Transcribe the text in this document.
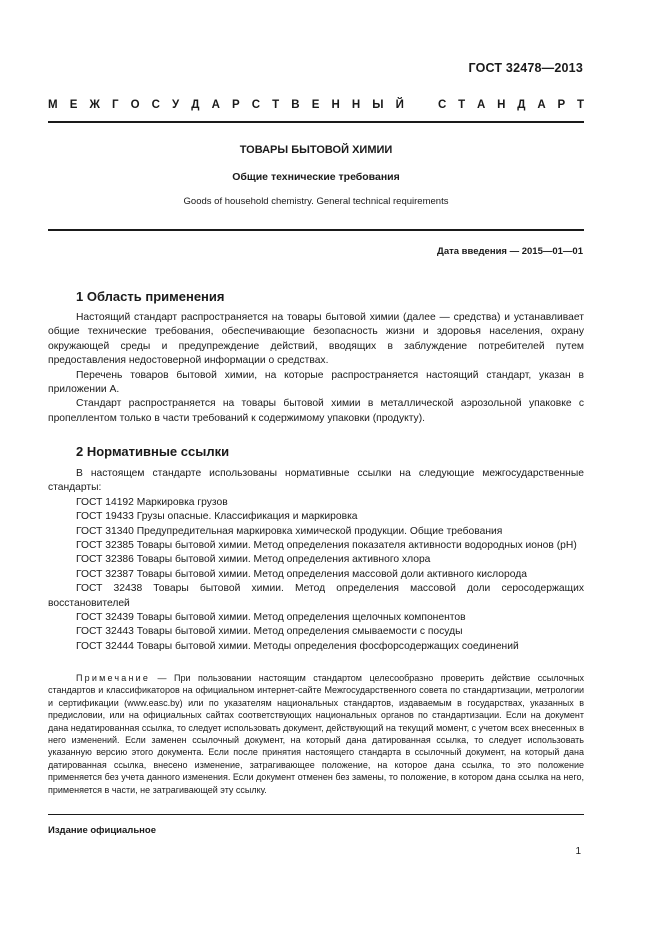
ГОСТ 32478—2013
М Е Ж Г О С У Д А Р С Т В Е Н Н Ы Й	С Т А Н Д А Р Т
ТОВАРЫ БЫТОВОЙ ХИМИИ
Общие технические требования
Goods of household chemistry. General technical requirements
Дата введения — 2015—01—01
1 Область применения

Настоящий стандарт распространяется на товары бытовой химии (далее — средства) и устанавливает общие технические требования, обеспечивающие безопасность жизни и здоровья населения, охрану окружающей среды и предупреждение действий, вводящих в заблуждение потребителей путем предоставления недостоверной информации о средствах.

Перечень товаров бытовой химии, на которые распространяется настоящий стандарт, указан в приложении А.

Стандарт распространяется на товары бытовой химии в металлической аэрозольной упаковке с пропеллентом только в части требований к содержимому упаковки (продукту).

2 Нормативные ссылки

В настоящем стандарте использованы нормативные ссылки на следующие межгосударственные стандарты:

ГОСТ 14192 Маркировка грузов
ГОСТ 19433 Грузы опасные. Классификация и маркировка
ГОСТ 31340 Предупредительная маркировка химической продукции. Общие требования
ГОСТ 32385 Товары бытовой химии. Метод определения показателя активности водородных ионов (pH)
ГОСТ 32386 Товары бытовой химии. Метод определения активного хлора
ГОСТ 32387 Товары бытовой химии. Метод определения массовой доли активного кислорода
ГОСТ 32438 Товары бытовой химии. Метод определения массовой доли серосодержащих восстановителей
ГОСТ 32439 Товары бытовой химии. Метод определения щелочных компонентов
ГОСТ 32443 Товары бытовой химии. Метод определения смываемости с посуды
ГОСТ 32444 Товары бытовой химии. Методы определения фосфорсодержащих соединений

Примечание — При пользовании настоящим стандартом целесообразно проверить действие ссылочных стандартов и классификаторов на официальном интернет-сайте Межгосударственного совета по стандартизации, метрологии и сертификации (www.easc.by) или по указателям национальных стандартов, издаваемым в государствах, указанных в предисловии, или на официальных сайтах соответствующих национальных органов по стандартизации. Если на документ дана недатированная ссылка, то следует использовать документ, действующий на текущий момент, с учетом всех внесенных в него изменений. Если заменен ссылочный документ, на который дана датированная ссылка, то следует использовать указанную версию этого документа. Если после принятия настоящего стандарта в ссылочный документ, на который дана датированная ссылка, внесено изменение, затрагивающее положение, на которое дана ссылка, то это положение применяется без учета данного изменения. Если документ отменен без замены, то положение, в котором дана ссылка на него, применяется в части, не затрагивающей эту ссылку.

Издание официальное
1
